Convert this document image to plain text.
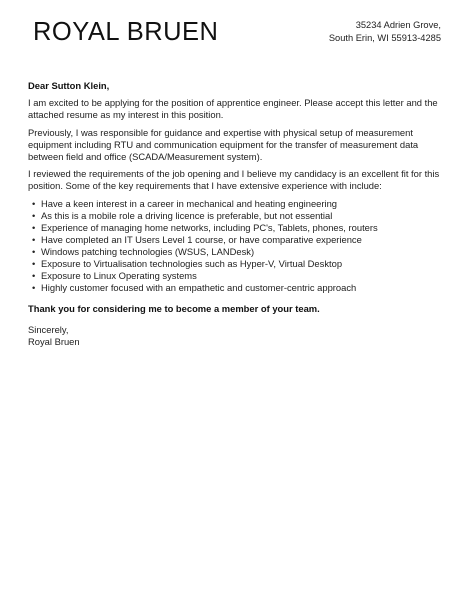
ROYAL BRUEN	35234 Adrien Grove,
South Erin, WI 55913-4285

Dear Sutton Klein,

I am excited to be applying for the position of apprentice engineer. Please accept this letter and the attached resume as my interest in this position.

Previously, I was responsible for guidance and expertise with physical setup of measurement equipment including RTU and communication equipment for the transfer of measurement data between field and office (SCADA/Measurement system).

I reviewed the requirements of the job opening and I believe my candidacy is an excellent fit for this position. Some of the key requirements that I have extensive experience with include:

• Have a keen interest in a career in mechanical and heating engineering
• As this is a mobile role a driving licence is preferable, but not essential
• Experience of managing home networks, including PC's, Tablets, phones, routers
• Have completed an IT Users Level 1 course, or have comparative experience
• Windows patching technologies (WSUS, LANDesk)
• Exposure to Virtualisation technologies such as Hyper-V, Virtual Desktop
• Exposure to Linux Operating systems
• Highly customer focused with an empathetic and customer-centric approach

Thank you for considering me to become a member of your team.

Sincerely,

Royal Bruen
